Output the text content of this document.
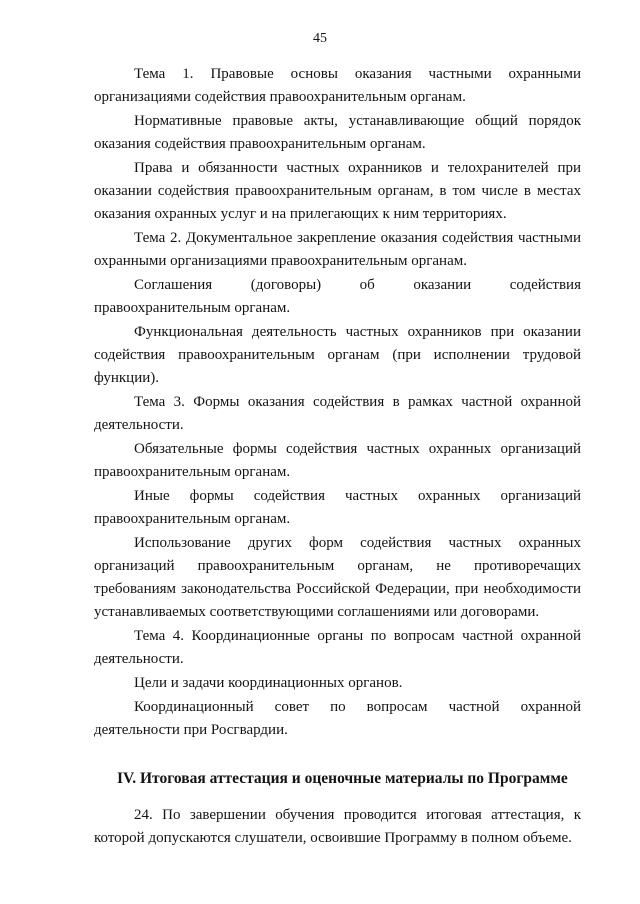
45

Тема 1. Правовые основы оказания частными охранными организациями содействия правоохранительным органам.

Нормативные правовые акты, устанавливающие общий порядок оказания содействия правоохранительным органам.

Права и обязанности частных охранников и телохранителей при оказании содействия правоохранительным органам, в том числе в местах оказания охранных услуг и на прилегающих к ним территориях.

Тема 2. Документальное закрепление оказания содействия частными охранными организациями правоохранительным органам.

Соглашения (договоры) об оказании содействия правоохранительным органам.

Функциональная деятельность частных охранников при оказании содействия правоохранительным органам (при исполнении трудовой функции).

Тема 3. Формы оказания содействия в рамках частной охранной деятельности.

Обязательные формы содействия частных охранных организаций правоохранительным органам.

Иные формы содействия частных охранных организаций правоохранительным органам.

Использование других форм содействия частных охранных организаций правоохранительным органам, не противоречащих требованиям законодательства Российской Федерации, при необходимости устанавливаемых соответствующими соглашениями или договорами.

Тема 4. Координационные органы по вопросам частной охранной деятельности.

Цели и задачи координационных органов.

Координационный совет по вопросам частной охранной деятельности при Росгвардии.

IV. Итоговая аттестация и оценочные материалы по Программе

24. По завершении обучения проводится итоговая аттестация, к которой допускаются слушатели, освоившие Программу в полном объеме.
